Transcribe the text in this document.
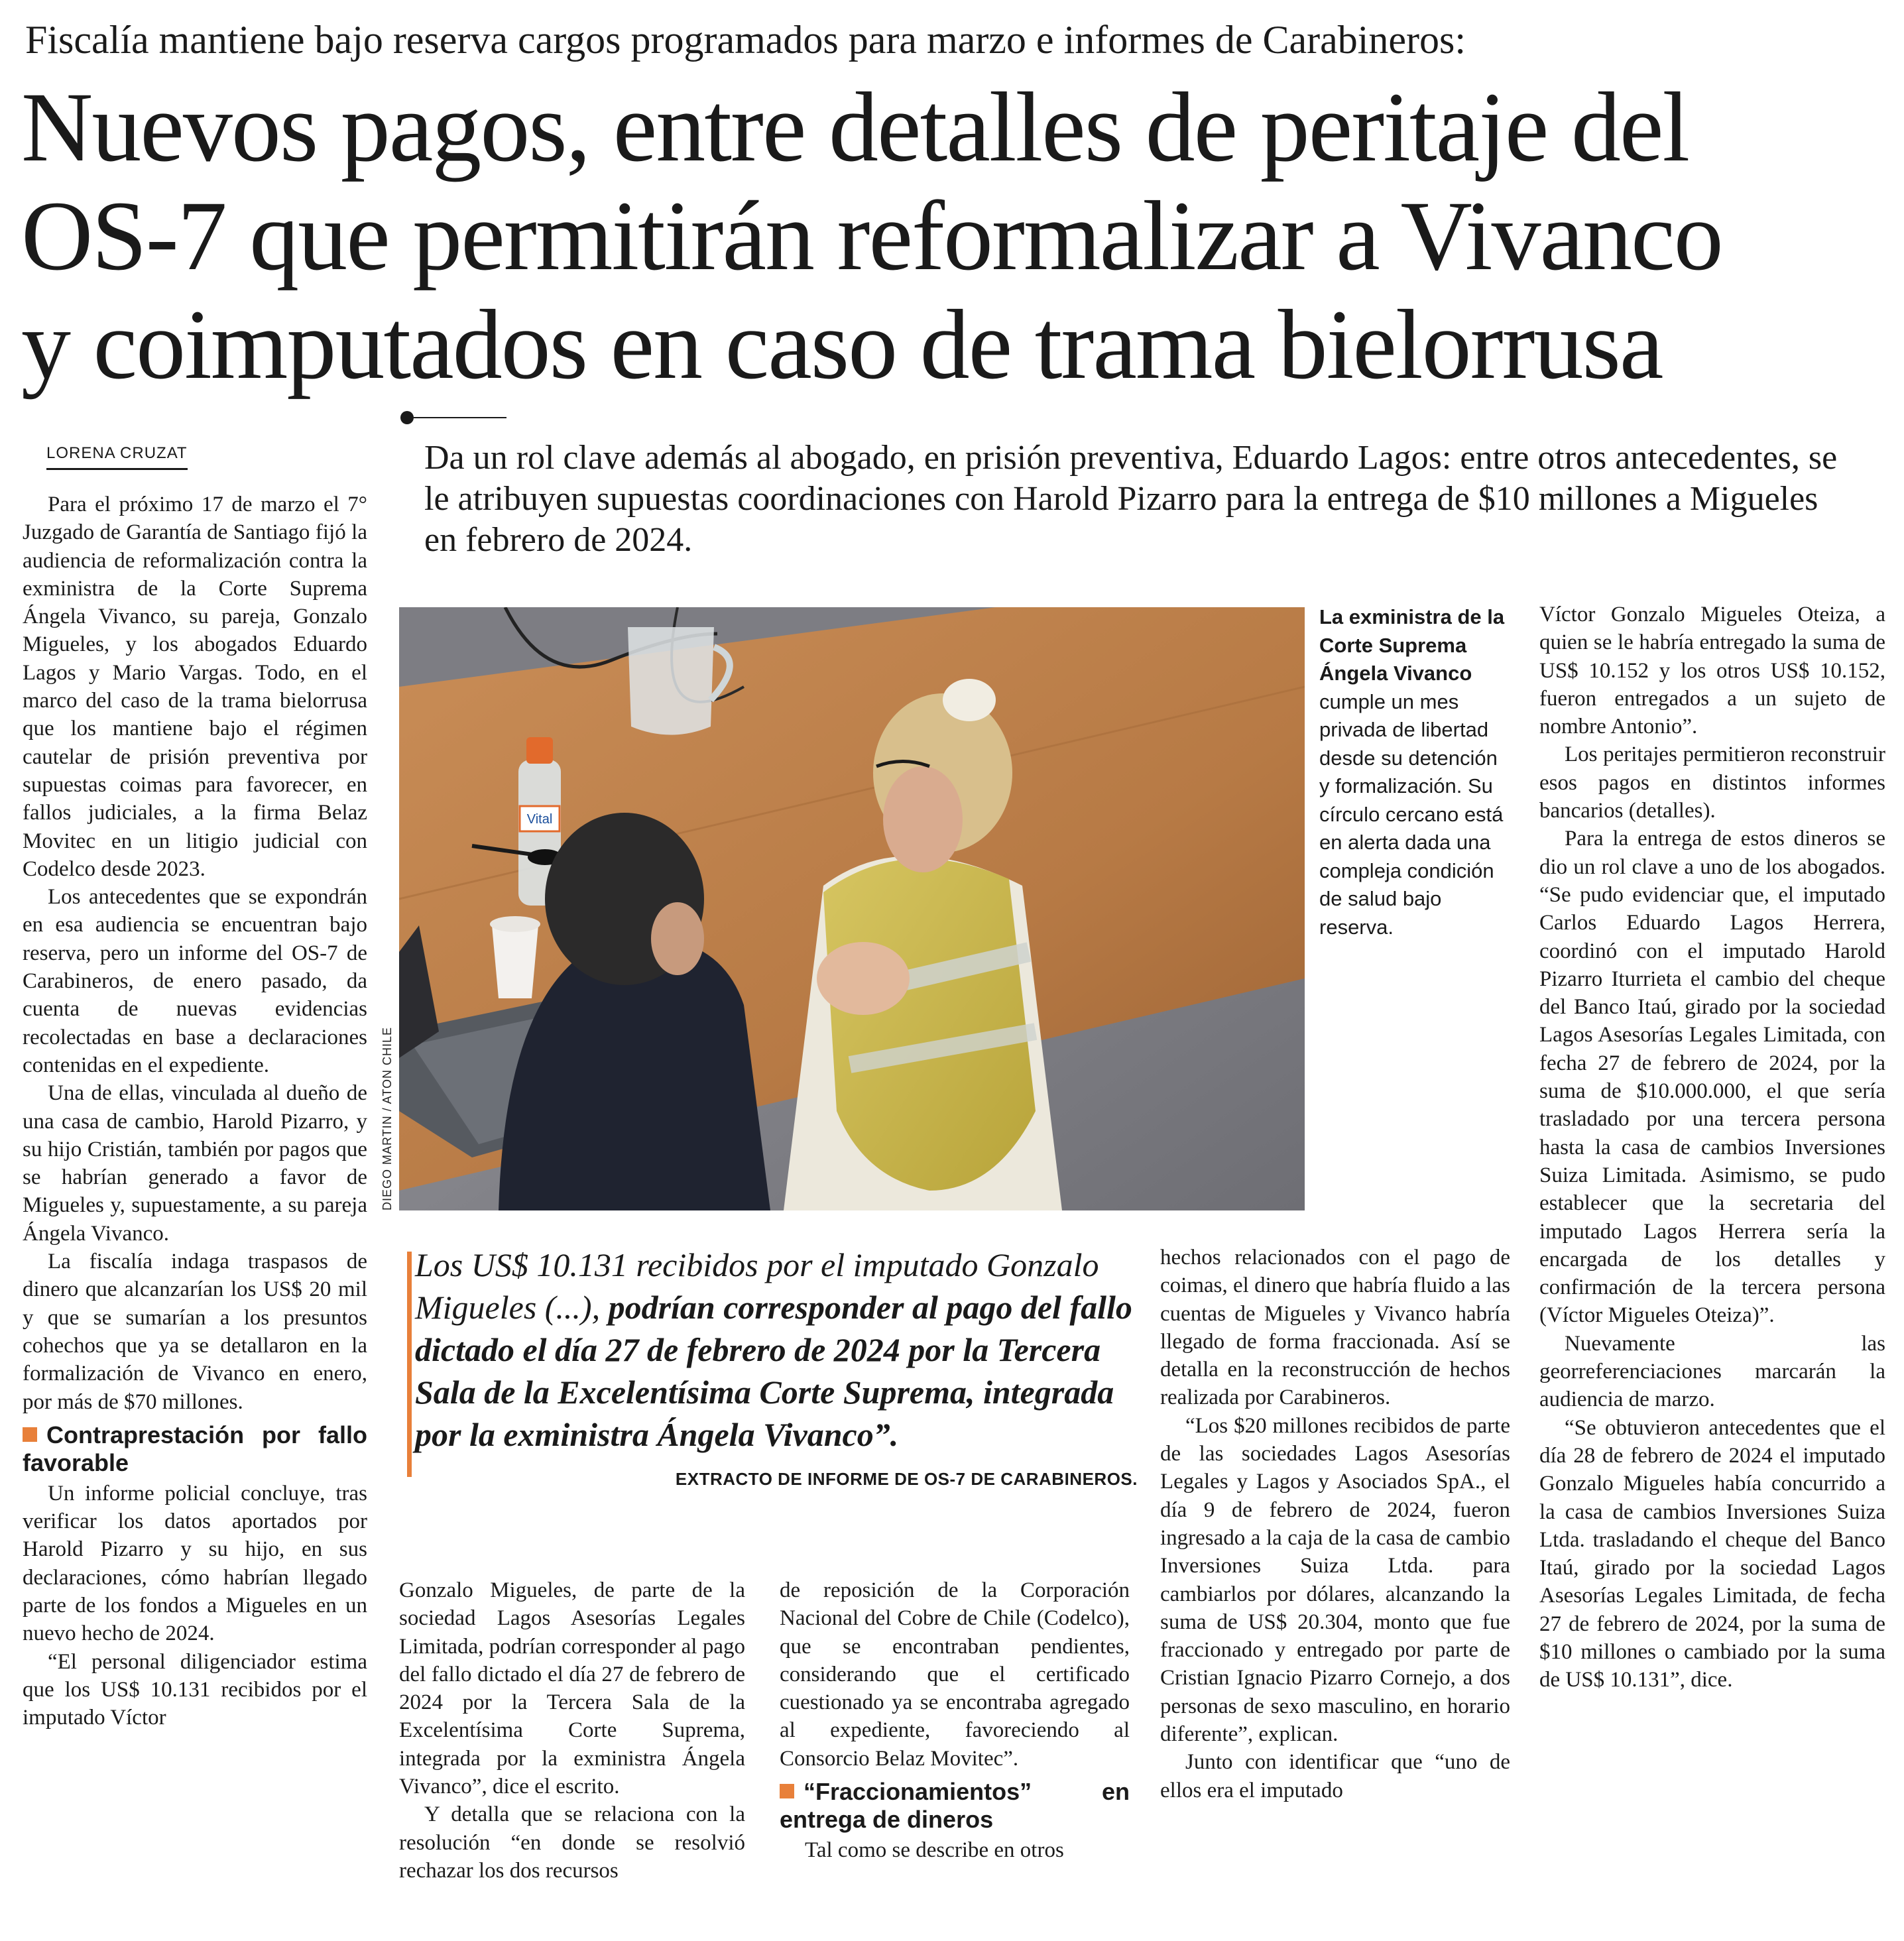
Fiscalía mantiene bajo reserva cargos programados para marzo e informes de Carabineros:
Nuevos pagos, entre detalles de peritaje del
OS-7 que permitirán reformalizar a Vivanco
y coimputados en caso de trama bielorrusa
LORENA CRUZAT	Da un rol clave además al abogado, en prisión preventiva, Eduardo Lagos: entre otros antecedentes, se le atribuyen supuestas coordinaciones con Harold Pizarro para la entrega de $10 millones a Migueles en febrero de 2024.

Para el próximo 17 de marzo el 7° Juzgado de Garantía de Santiago fijó la audiencia de reformalización contra la exministra de la Corte Suprema Ángela Vivanco, su pareja, Gonzalo Migueles, y los abogados Eduardo Lagos y Mario Vargas. Todo, en el marco del caso de la trama bielorrusa que los mantiene bajo el régimen cautelar de prisión preventiva por supuestas coimas para favorecer, en fallos judiciales, a la firma Belaz Movitec en un litigio judicial con Codelco desde 2023.

Los antecedentes que se expondrán en esa audiencia se encuentran bajo reserva, pero un informe del OS-7 de Carabineros, de enero pasado, da cuenta de nuevas evidencias recolectadas en base a declaraciones contenidas en el expediente.

Una de ellas, vinculada al dueño de una casa de cambio, Harold Pizarro, y su hijo Cristián, también por pagos que se habrían generado a favor de Migueles y, supuestamente, a su pareja Ángela Vivanco.

La fiscalía indaga traspasos de dinero que alcanzarían los US$ 20 mil y que se sumarían a los presuntos cohechos que ya se detallaron en la formalización de Vivanco en enero, por más de $70 millones.

Contraprestación por fallo favorable

Un informe policial concluye, tras verificar los datos aportados por Harold Pizarro y su hijo, en sus declaraciones, cómo habrían llegado parte de los fondos a Migueles en un nuevo hecho de 2024.

“El personal diligenciador estima que los US$ 10.131 recibidos por el imputado Víctor

Vital
DIEGO MARTIN / ATON CHILE
La exministra de la Corte Suprema Ángela Vivanco cumple un mes privada de libertad desde su detención y formalización. Su círculo cercano está en alerta dada una compleja condición de salud bajo reserva.
Los US$ 10.131 recibidos por el imputado Gonzalo Migueles (...), podrían corresponder al pago del fallo dictado el día 27 de febrero de 2024 por la Tercera Sala de la Excelentísima Corte Suprema, integrada por la exministra Ángela Vivanco”.
EXTRACTO DE INFORME DE OS-7 DE CARABINEROS.

Gonzalo Migueles, de parte de la sociedad Lagos Asesorías Legales Limitada, podrían corresponder al pago del fallo dictado el día 27 de febrero de 2024 por la Tercera Sala de la Excelentísima Corte Suprema, integrada por la exministra Ángela Vivanco”, dice el escrito.

Y detalla que se relaciona con la resolución “en donde se resolvió rechazar los dos recursos

de reposición de la Corporación Nacional del Cobre de Chile (Codelco), que se encontraban pendientes, considerando que el certificado cuestionado ya se encontraba agregado al expediente, favoreciendo al Consorcio Belaz Movitec”.

“Fraccionamientos” en entrega de dineros

Tal como se describe en otros

hechos relacionados con el pago de coimas, el dinero que habría fluido a las cuentas de Migueles y Vivanco habría llegado de forma fraccionada. Así se detalla en la reconstrucción de hechos realizada por Carabineros.

“Los $20 millones recibidos de parte de las sociedades Lagos Asesorías Legales y Lagos y Asociados SpA., el día 9 de febrero de 2024, fueron ingresado a la caja de la casa de cambio Inversiones Suiza Ltda. para cambiarlos por dólares, alcanzando la suma de US$ 20.304, monto que fue fraccionado y entregado por parte de Cristian Ignacio Pizarro Cornejo, a dos personas de sexo masculino, en horario diferente”, explican.

Junto con identificar que “uno de ellos era el imputado

Víctor Gonzalo Migueles Oteiza, a quien se le habría entregado la suma de US$ 10.152 y los otros US$ 10.152, fueron entregados a un sujeto de nombre Antonio”.

Los peritajes permitieron reconstruir esos pagos en distintos informes bancarios (detalles).

Para la entrega de estos dineros se dio un rol clave a uno de los abogados. “Se pudo evidenciar que, el imputado Carlos Eduardo Lagos Herrera, coordinó con el imputado Harold Pizarro Iturrieta el cambio del cheque del Banco Itaú, girado por la sociedad Lagos Asesorías Legales Limitada, con fecha 27 de febrero de 2024, por la suma de $10.000.000, el que sería trasladado por una tercera persona hasta la casa de cambios Inversiones Suiza Limitada. Asimismo, se pudo establecer que la secretaria del imputado Lagos Herrera sería la encargada de los detalles y confirmación de la tercera persona (Víctor Migueles Oteiza)”.

Nuevamente las georreferenciaciones marcarán la audiencia de marzo.

“Se obtuvieron antecedentes que el día 28 de febrero de 2024 el imputado Gonzalo Migueles había concurrido a la casa de cambios Inversiones Suiza Ltda. trasladando el cheque del Banco Itaú, girado por la sociedad Lagos Asesorías Legales Limitada, de fecha 27 de febrero de 2024, por la suma de $10 millones o cambiado por la suma de US$ 10.131”, dice.
